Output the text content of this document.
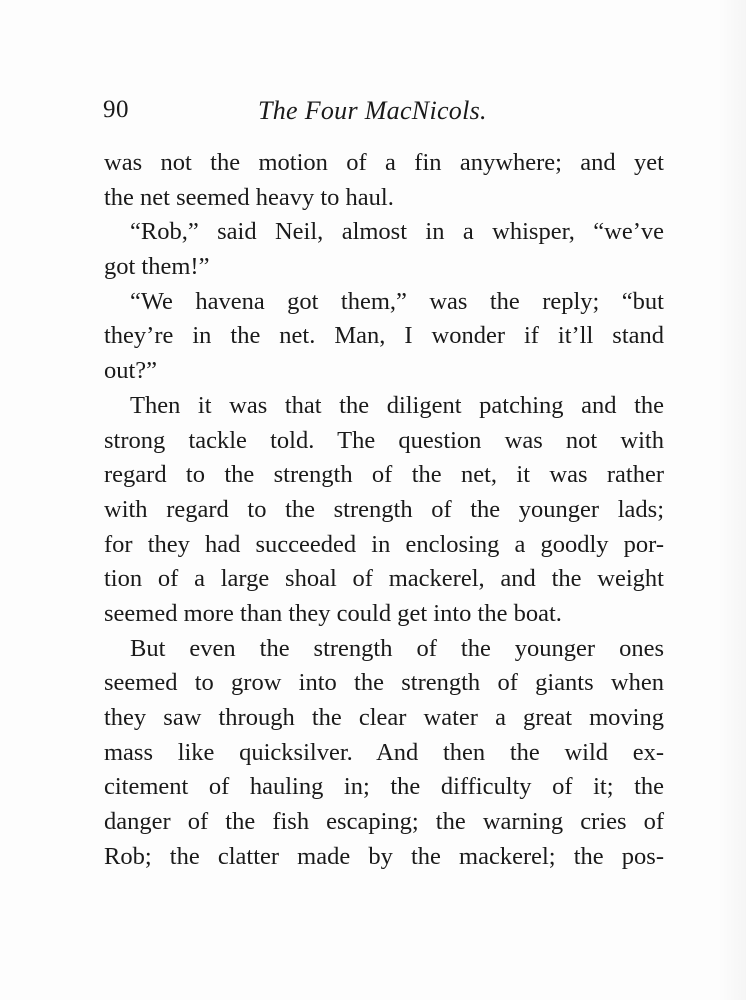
90	The Four MacNicols.
was not the motion of a fin anywhere; and yet
the net seemed heavy to haul.
“Rob,” said Neil, almost in a whisper, “we’ve
got them!”
“We havena got them,” was the reply; “but
they’re in the net. Man, I wonder if it’ll stand
out?”
Then it was that the diligent patching and the
strong tackle told. The question was not with
regard to the strength of the net, it was rather
with regard to the strength of the younger lads;
for they had succeeded in enclosing a goodly por-
tion of a large shoal of mackerel, and the weight
seemed more than they could get into the boat.
But even the strength of the younger ones
seemed to grow into the strength of giants when
they saw through the clear water a great moving
mass like quicksilver. And then the wild ex-
citement of hauling in; the difficulty of it; the
danger of the fish escaping; the warning cries of
Rob; the clatter made by the mackerel; the pos-
